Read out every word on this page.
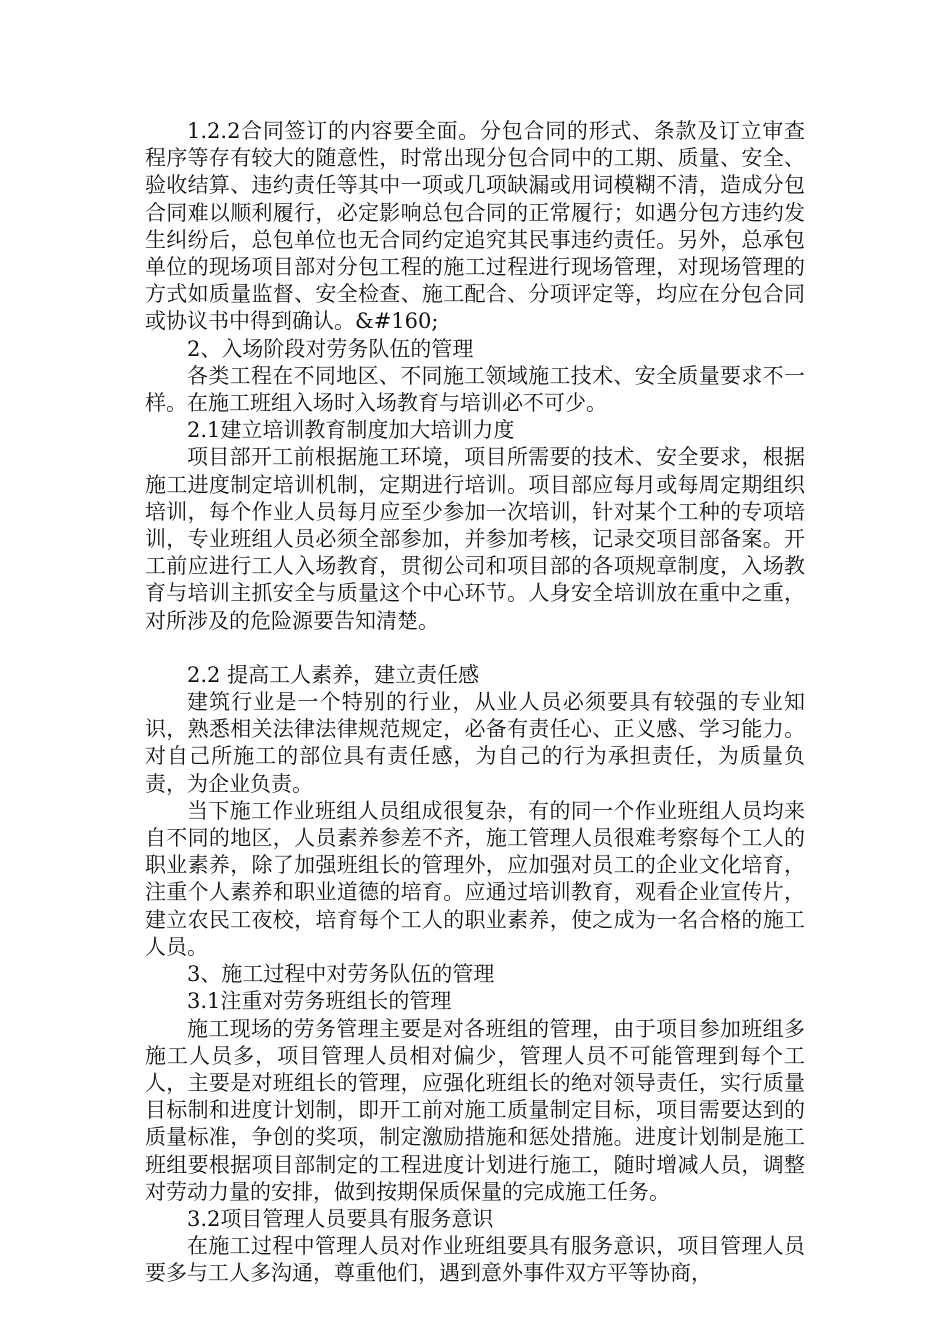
1.2.2合同签订的内容要全面。分包合同的形式、条款及订立审查程序等存有较大的随意性，时常出现分包合同中的工期、质量、安全、验收结算、违约责任等其中一项或几项缺漏或用词模糊不清，造成分包合同难以顺利履行，必定影响总包合同的正常履行；如遇分包方违约发生纠纷后，总包单位也无合同约定追究其民事违约责任。另外，总承包单位的现场项目部对分包工程的施工过程进行现场管理，对现场管理的方式如质量监督、安全检查、施工配合、分项评定等，均应在分包合同或协议书中得到确认。&#160;

2、入场阶段对劳务队伍的管理

各类工程在不同地区、不同施工领域施工技术、安全质量要求不一样。在施工班组入场时入场教育与培训必不可少。

2.1建立培训教育制度加大培训力度

项目部开工前根据施工环境，项目所需要的技术、安全要求，根据施工进度制定培训机制，定期进行培训。项目部应每月或每周定期组织培训，每个作业人员每月应至少参加一次培训，针对某个工种的专项培训，专业班组人员必须全部参加，并参加考核，记录交项目部备案。开工前应进行工人入场教育，贯彻公司和项目部的各项规章制度，入场教育与培训主抓安全与质量这个中心环节。人身安全培训放在重中之重，对所涉及的危险源要告知清楚。

2.2 提高工人素养，建立责任感

建筑行业是一个特别的行业，从业人员必须要具有较强的专业知识，熟悉相关法律法律规范规定，必备有责任心、正义感、学习能力。对自己所施工的部位具有责任感，为自己的行为承担责任，为质量负责，为企业负责。

当下施工作业班组人员组成很复杂，有的同一个作业班组人员均来自不同的地区，人员素养参差不齐，施工管理人员很难考察每个工人的职业素养，除了加强班组长的管理外，应加强对员工的企业文化培育，注重个人素养和职业道德的培育。应通过培训教育，观看企业宣传片，建立农民工夜校，培育每个工人的职业素养，使之成为一名合格的施工人员。

3、施工过程中对劳务队伍的管理

3.1注重对劳务班组长的管理

施工现场的劳务管理主要是对各班组的管理，由于项目参加班组多施工人员多，项目管理人员相对偏少，管理人员不可能管理到每个工人，主要是对班组长的管理，应强化班组长的绝对领导责任，实行质量目标制和进度计划制，即开工前对施工质量制定目标，项目需要达到的质量标准，争创的奖项，制定激励措施和惩处措施。进度计划制是施工班组要根据项目部制定的工程进度计划进行施工，随时增减人员，调整对劳动力量的安排，做到按期保质保量的完成施工任务。

3.2项目管理人员要具有服务意识

在施工过程中管理人员对作业班组要具有服务意识，项目管理人员要多与工人多沟通，尊重他们，遇到意外事件双方平等协商，
